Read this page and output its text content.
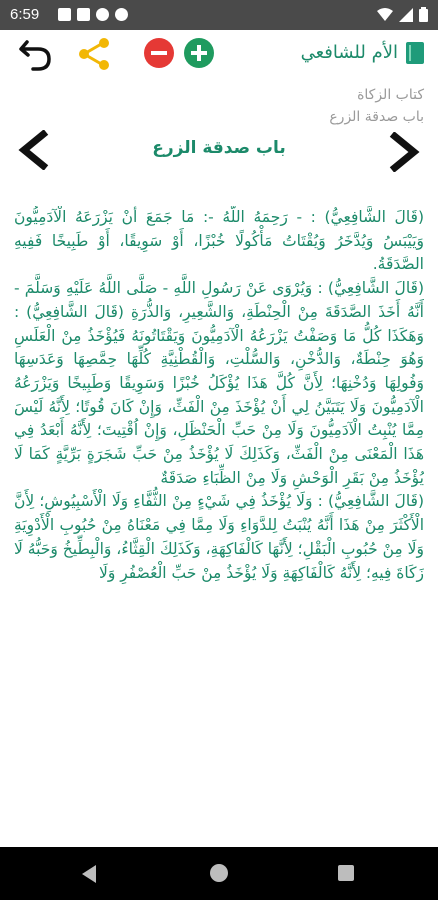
6:59
الأم للشافعي
كتاب الزكاة
باب صدقة الزرع
باب صدقة الزرع

(قَالَ الشَّافِعِيُّ) : - رَحِمَهُ اللَّهُ -: مَا جَمَعَ أَنْ يَزْرَعَهُ الْآدَمِيُّونَ وَيَيْبَسُ وَيُدَّخَرُ وَيُقْتَاتُ مَأْكُولًا خُبْزًا، أَوْ سَوِيقًا، أَوْ طَبِيخًا فَفِيهِ الصَّدَقَةُ.

(قَالَ الشَّافِعِيُّ) : وَيُرْوَى عَنْ رَسُولِ اللَّهِ - صَلَّى اللَّهُ عَلَيْهِ وَسَلَّمَ - أَنَّهُ أَخَذَ الصَّدَقَةَ مِنْ الْحِنْطَةِ، وَالشَّعِيرِ، وَالذُّرَةِ (قَالَ الشَّافِعِيُّ) : وَهَكَذَا كُلُّ مَا وَصَفْتُ يَزْرَعُهُ الْآدَمِيُّونَ وَيَقْتَاتُونَهُ فَيُؤْخَذُ مِنْ الْعَلَسِ وَهُوَ حِنْطَةٌ، وَالدُّخْنِ، وَالسُّلْتِ، وَالْقُطْنِيَّةِ كُلِّهَا حِمَّصِهَا وَعَدَسِهَا وَفُولِهَا وَدُخْنِهَا؛ لِأَنَّ كُلَّ هَذَا يُؤْكَلُ خُبْزًا وَسَوِيقًا وَطَبِيخًا وَيَزْرَعُهُ الْآدَمِيُّونَ وَلَا يَتَبَيَّنُ لِي أَنْ يُؤْخَذَ مِنْ الْفَثِّ، وَإِنْ كَانَ قُوتًا؛ لِأَنَّهُ لَيْسَ مِمَّا يُنْبِتُ الْآدَمِيُّونَ وَلَا مِنْ حَبِّ الْحَنْظَلِ، وَإِنْ اُقْتِيتَ؛ لِأَنَّهُ أَبْعَدُ فِي هَذَا الْمَعْنَى مِنْ الْفَثِّ، وَكَذَلِكَ لَا يُؤْخَذُ مِنْ حَبِّ شَجَرَةٍ بَرِّيَّةٍ كَمَا لَا يُؤْخَذُ مِنْ بَقَرِ الْوَحْشِ وَلَا مِنْ الظِّبَاءِ صَدَقَةٌ

(قَالَ الشَّافِعِيُّ) : وَلَا يُؤْخَذُ فِي شَيْءٍ مِنْ الثُّفَّاءِ وَلَا الْأَسْبِيُوشِ؛ لِأَنَّ الْأَكْثَرَ مِنْ هَذَا أَنَّهُ يُنْبَتُ لِلدَّوَاءِ وَلَا مِمَّا فِي مَعْنَاهُ مِنْ حُبُوبِ الْأَدْوِيَةِ وَلَا مِنْ حُبُوبِ الْبَقْلِ؛ لِأَنَّهَا كَالْفَاكِهَةِ، وَكَذَلِكَ الْقِثَّاءُ، وَالْبِطِّيخُ وَحَبُّهُ لَا زَكَاةَ فِيهِ؛ لِأَنَّهُ كَالْفَاكِهَةِ وَلَا يُؤْخَذُ مِنْ حَبِّ الْعُصْفُرِ وَلَا
